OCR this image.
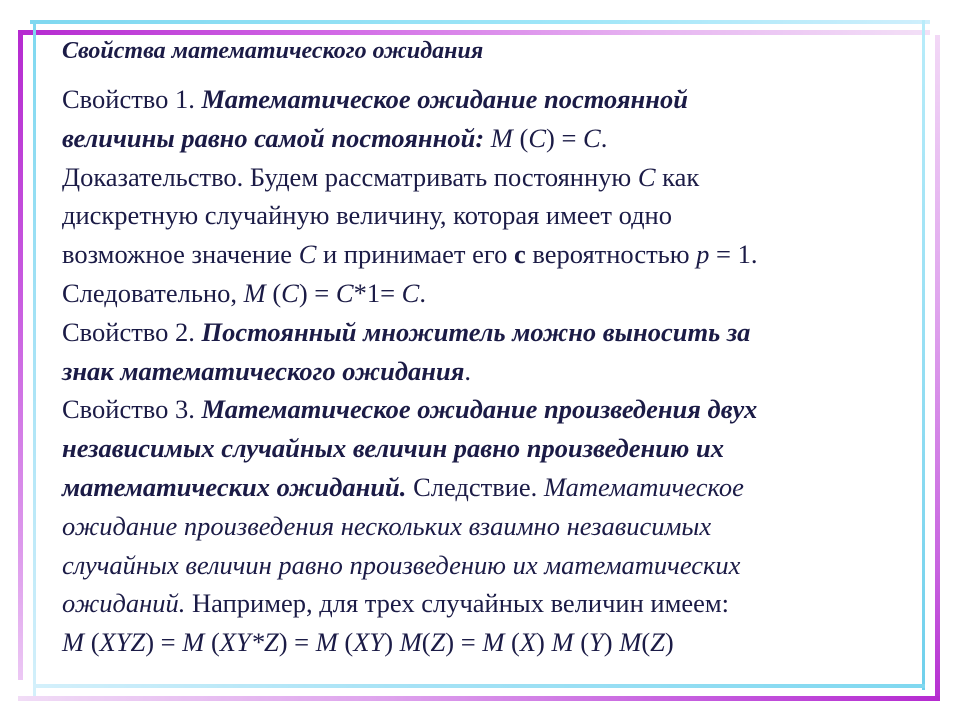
Свойства математического ожидания
Свойство 1. Математическое ожидание постоянной
величины равно самой постоянной: М (С) = С.
Доказательство. Будем рассматривать постоянную С как
дискретную случайную величину, которая имеет одно
возможное значение С и принимает его с вероятностью р = 1.
Следовательно, М (С) = С*1= С.
Свойство 2. Постоянный множитель можно выносить за
знак математического ожидания.
Свойство 3. Математическое ожидание произведения двух
независимых случайных величин равно произведению их
математических ожиданий. Следствие. Математическое
ожидание произведения нескольких взаимно независимых
случайных величин равно произведению их математических
ожиданий. Например, для трех случайных величин имеем:
М (XYZ) = М (XY*Z) = М (XY) М(Z) = М (X) М (Y) М(Z)
